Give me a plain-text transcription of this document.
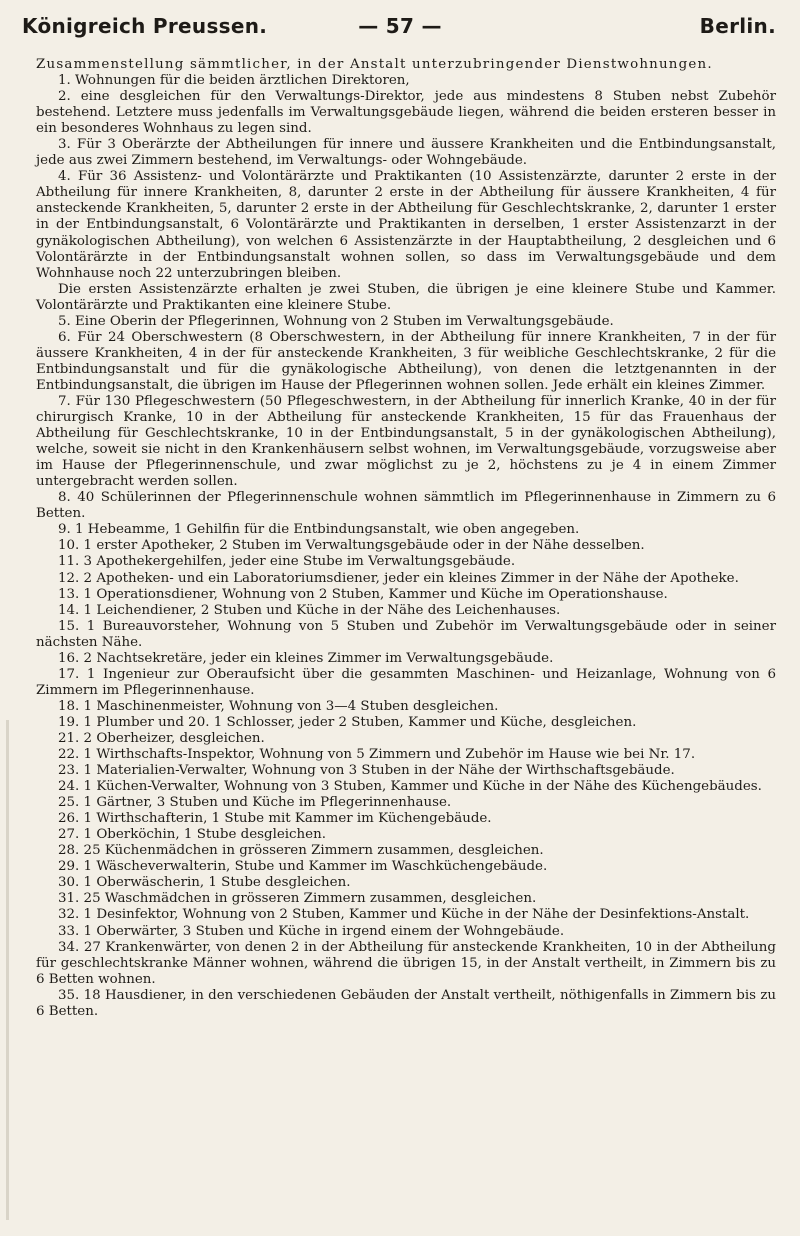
Königreich Preussen.	— 57 —	Berlin.

Zusammenstellung sämmtlicher, in der Anstalt unterzubringender Dienstwohnungen.

1. Wohnungen für die beiden ärztlichen Direktoren,

2. eine desgleichen für den Verwaltungs-Direktor, jede aus mindestens 8 Stuben nebst Zubehör bestehend. Letztere muss jedenfalls im Verwaltungsgebäude liegen, während die beiden ersteren besser in ein besonderes Wohnhaus zu legen sind.

3. Für 3 Oberärzte der Abtheilungen für innere und äussere Krankheiten und die Entbindungsanstalt, jede aus zwei Zimmern bestehend, im Verwaltungs- oder Wohngebäude.

4. Für 36 Assistenz- und Volontärärzte und Praktikanten (10 Assistenzärzte, darunter 2 erste in der Abtheilung für innere Krankheiten, 8, darunter 2 erste in der Abtheilung für äussere Krankheiten, 4 für ansteckende Krankheiten, 5, darunter 2 erste in der Abtheilung für Geschlechtskranke, 2, darunter 1 erster in der Entbindungsanstalt, 6 Volontärärzte und Praktikanten in derselben, 1 erster Assistenzarzt in der gynäkologischen Abtheilung), von welchen 6 Assistenzärzte in der Hauptabtheilung, 2 desgleichen und 6 Volontärärzte in der Entbindungsanstalt wohnen sollen, so dass im Verwaltungsgebäude und dem Wohnhause noch 22 unterzubringen bleiben.

Die ersten Assistenzärzte erhalten je zwei Stuben, die übrigen je eine kleinere Stube und Kammer. Volontärärzte und Praktikanten eine kleinere Stube.

5. Eine Oberin der Pflegerinnen, Wohnung von 2 Stuben im Verwaltungsgebäude.

6. Für 24 Oberschwestern (8 Oberschwestern, in der Abtheilung für innere Krankheiten, 7 in der für äussere Krankheiten, 4 in der für ansteckende Krankheiten, 3 für weibliche Geschlechtskranke, 2 für die Entbindungsanstalt und für die gynäkologische Abtheilung), von denen die letztgenannten in der Entbindungsanstalt, die übrigen im Hause der Pflegerinnen wohnen sollen. Jede erhält ein kleines Zimmer.

7. Für 130 Pflegeschwestern (50 Pflegeschwestern, in der Abtheilung für innerlich Kranke, 40 in der für chirurgisch Kranke, 10 in der Abtheilung für ansteckende Krankheiten, 15 für das Frauenhaus der Abtheilung für Geschlechtskranke, 10 in der Entbindungsanstalt, 5 in der gynäkologischen Abtheilung), welche, soweit sie nicht in den Krankenhäusern selbst wohnen, im Verwaltungsgebäude, vorzugsweise aber im Hause der Pflegerinnenschule, und zwar möglichst zu je 2, höchstens zu je 4 in einem Zimmer untergebracht werden sollen.

8. 40 Schülerinnen der Pflegerinnenschule wohnen sämmtlich im Pflegerinnenhause in Zimmern zu 6 Betten.

9. 1 Hebeamme, 1 Gehilfin für die Entbindungsanstalt, wie oben angegeben.

10. 1 erster Apotheker, 2 Stuben im Verwaltungsgebäude oder in der Nähe desselben.

11. 3 Apothekergehilfen, jeder eine Stube im Verwaltungsgebäude.

12. 2 Apotheken- und ein Laboratoriumsdiener, jeder ein kleines Zimmer in der Nähe der Apotheke.

13. 1 Operationsdiener, Wohnung von 2 Stuben, Kammer und Küche im Operationshause.

14. 1 Leichendiener, 2 Stuben und Küche in der Nähe des Leichenhauses.

15. 1 Bureauvorsteher, Wohnung von 5 Stuben und Zubehör im Verwaltungsgebäude oder in seiner nächsten Nähe.

16. 2 Nachtsekretäre, jeder ein kleines Zimmer im Verwaltungsgebäude.

17. 1 Ingenieur zur Oberaufsicht über die gesammten Maschinen- und Heizanlage, Wohnung von 6 Zimmern im Pflegerinnenhause.

18. 1 Maschinenmeister, Wohnung von 3—4 Stuben desgleichen.

19. 1 Plumber und 20. 1 Schlosser, jeder 2 Stuben, Kammer und Küche, desgleichen.

21. 2 Oberheizer, desgleichen.

22. 1 Wirthschafts-Inspektor, Wohnung von 5 Zimmern und Zubehör im Hause wie bei Nr. 17.

23. 1 Materialien-Verwalter, Wohnung von 3 Stuben in der Nähe der Wirthschaftsgebäude.

24. 1 Küchen-Verwalter, Wohnung von 3 Stuben, Kammer und Küche in der Nähe des Küchengebäudes.

25. 1 Gärtner, 3 Stuben und Küche im Pflegerinnenhause.

26. 1 Wirthschafterin, 1 Stube mit Kammer im Küchengebäude.

27. 1 Oberköchin, 1 Stube desgleichen.

28. 25 Küchenmädchen in grösseren Zimmern zusammen, desgleichen.

29. 1 Wäscheverwalterin, Stube und Kammer im Waschküchengebäude.

30. 1 Oberwäscherin, 1 Stube desgleichen.

31. 25 Waschmädchen in grösseren Zimmern zusammen, desgleichen.

32. 1 Desinfektor, Wohnung von 2 Stuben, Kammer und Küche in der Nähe der Desinfektions-Anstalt.

33. 1 Oberwärter, 3 Stuben und Küche in irgend einem der Wohngebäude.

34. 27 Krankenwärter, von denen 2 in der Abtheilung für ansteckende Krankheiten, 10 in der Abtheilung für geschlechtskranke Männer wohnen, während die übrigen 15, in der Anstalt vertheilt, in Zimmern bis zu 6 Betten wohnen.

35. 18 Hausdiener, in den verschiedenen Gebäuden der Anstalt vertheilt, nöthigenfalls in Zimmern bis zu 6 Betten.
